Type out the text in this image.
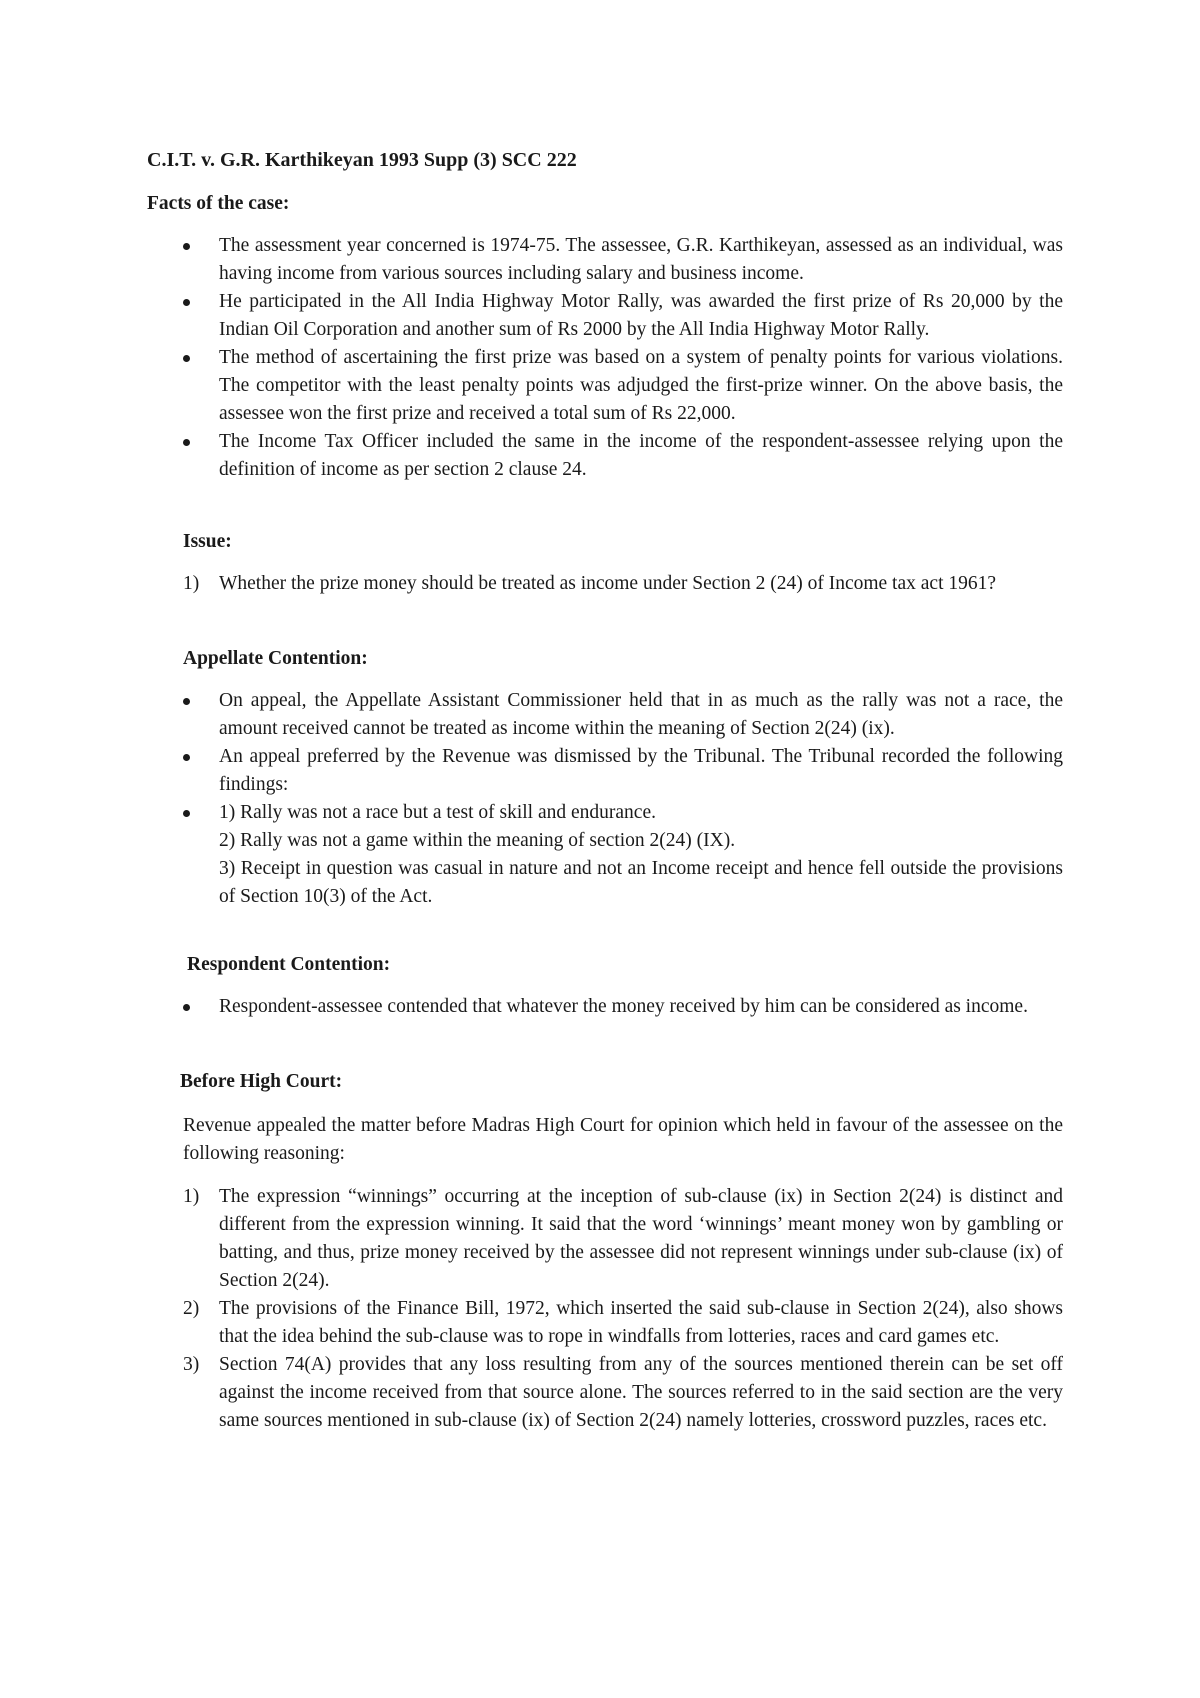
C.I.T. v. G.R. Karthikeyan 1993 Supp (3) SCC 222
Facts of the case:

The assessment year concerned is 1974-75. The assessee, G.R. Karthikeyan, assessed as an individual, was having income from various sources including salary and business income.

He participated in the All India Highway Motor Rally, was awarded the first prize of Rs 20,000 by the Indian Oil Corporation and another sum of Rs 2000 by the All India Highway Motor Rally.

The method of ascertaining the first prize was based on a system of penalty points for various violations. The competitor with the least penalty points was adjudged the first-prize winner. On the above basis, the assessee won the first prize and received a total sum of Rs 22,000.

The Income Tax Officer included the same in the income of the respondent-assessee relying upon the definition of income as per section 2 clause 24.

Issue:

1) Whether the prize money should be treated as income under Section 2 (24) of Income tax act 1961?

Appellate Contention:

On appeal, the Appellate Assistant Commissioner held that in as much as the rally was not a race, the amount received cannot be treated as income within the meaning of Section 2(24) (ix).

An appeal preferred by the Revenue was dismissed by the Tribunal. The Tribunal recorded the following findings:

1) Rally was not a race but a test of skill and endurance.
2) Rally was not a game within the meaning of section 2(24) (IX).
3) Receipt in question was casual in nature and not an Income receipt and hence fell outside the provisions of Section 10(3) of the Act.

Respondent Contention:

Respondent-assessee contended that whatever the money received by him can be considered as income.

Before High Court:

Revenue appealed the matter before Madras High Court for opinion which held in favour of the assessee on the following reasoning:

1) The expression “winnings” occurring at the inception of sub-clause (ix) in Section 2(24) is distinct and different from the expression winning. It said that the word ‘winnings’ meant money won by gambling or batting, and thus, prize money received by the assessee did not represent winnings under sub-clause (ix) of Section 2(24).

2) The provisions of the Finance Bill, 1972, which inserted the said sub-clause in Section 2(24), also shows that the idea behind the sub-clause was to rope in windfalls from lotteries, races and card games etc.

3) Section 74(A) provides that any loss resulting from any of the sources mentioned therein can be set off against the income received from that source alone. The sources referred to in the said section are the very same sources mentioned in sub-clause (ix) of Section 2(24) namely lotteries, crossword puzzles, races etc.
